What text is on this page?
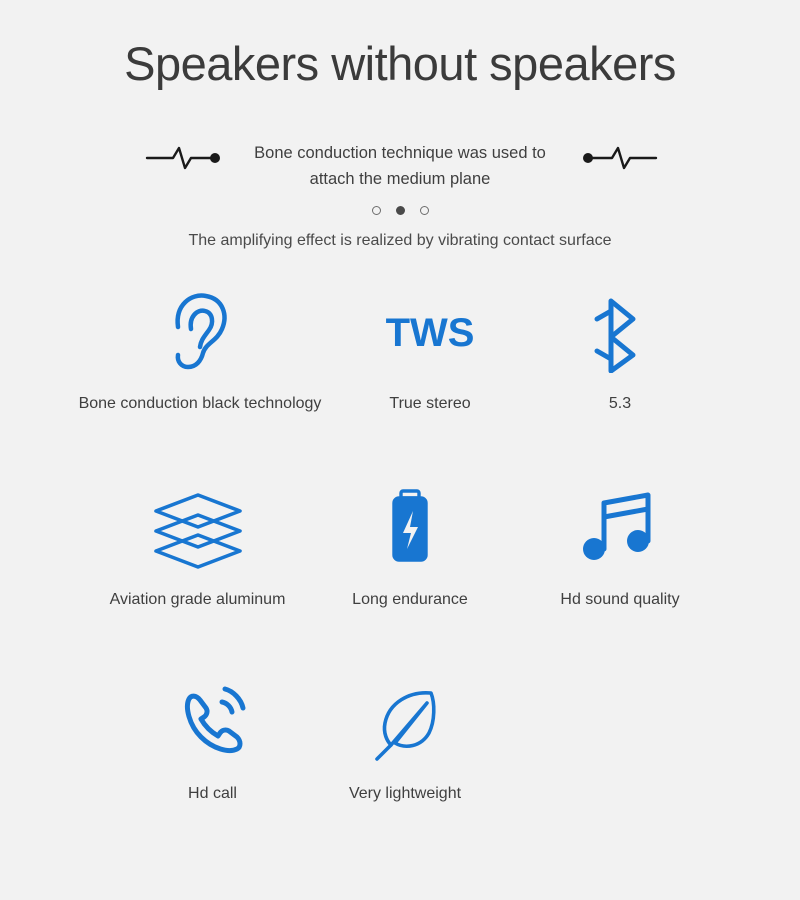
Speakers without speakers
Bone conduction technique was used to attach the medium plane
The amplifying effect is realized by vibrating contact surface
Bone conduction black technology
TWS
True stereo	5.3
Aviation grade aluminum	Long endurance	Hd sound quality
Hd call	Very lightweight
